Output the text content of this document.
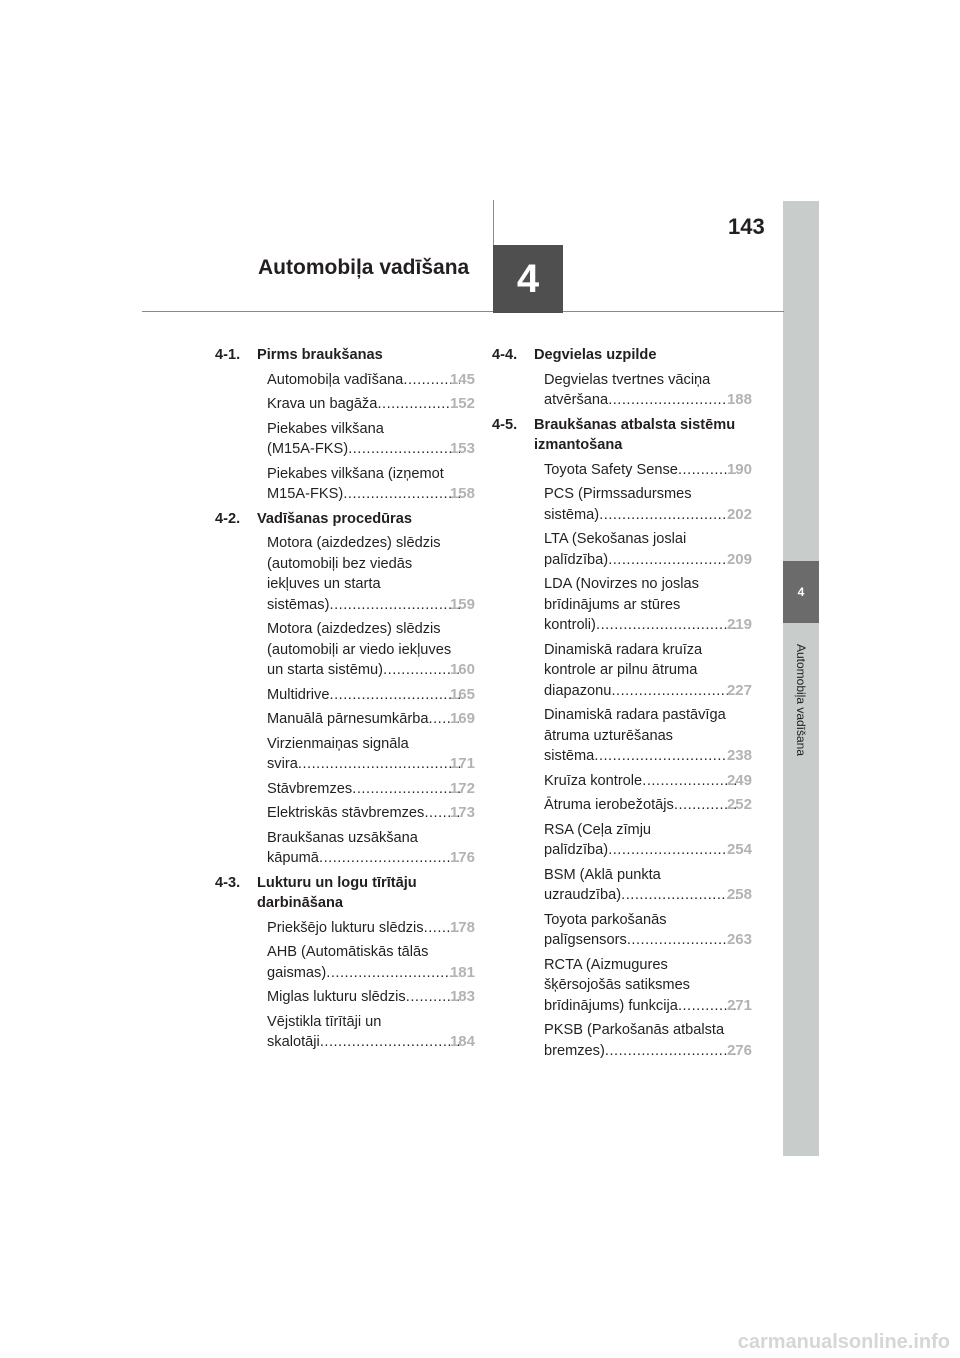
4
Automobiļa vadīšana
143
Automobiļa vadīšana	4
4-1. Pirms braukšanas
Automobiļa vadīšana .....	145
Krava un bagāža .....	152
Piekabes vilkšana
(M15A-FKS) .....	153
Piekabes vilkšana (izņemot
M15A-FKS) .....	158
4-2. Vadīšanas procedūras
Motora (aizdedzes) slēdzis
(automobiļi bez viedās
iekļuves un starta
sistēmas) .....	159
Motora (aizdedzes) slēdzis
(automobiļi ar viedo iekļuves
un starta sistēmu) .....	160
Multidrive .....	165
Manuālā pārnesumkārba ..... 169
Virzienmaiņas signāla
svira .....	171
Stāvbremzes .....	172
Elektriskās stāvbremzes ..... 173
Braukšanas uzsākšana
kāpumā .....	176
4-3. Lukturu un logu tīrītāju darbināšana
Priekšējo lukturu slēdzis ..... 178
AHB (Automātiskās tālās
gaismas) .....	181
Miglas lukturu slēdzis .....	183
Vējstikla tīrītāji un
skalotāji .....	184
4-4. Degvielas uzpilde
Degvielas tvertnes vāciņa
atvēršana .....	188
4-5. Braukšanas atbalsta sistēmu izmantošana
Toyota Safety Sense .....	190
PCS (Pirmssadursmes
sistēma) .....	202
LTA (Sekošanas joslai
palīdzība) .....	209
LDA (Novirzes no joslas
brīdinājums ar stūres
kontroli) .....	219
Dinamiskā radara kruīza
kontrole ar pilnu ātruma
diapazonu .....	227
Dinamiskā radara pastāvīga
ātruma uzturēšanas
sistēma .....	238
Kruīza kontrole .....	249
Ātruma ierobežotājs .....	252
RSA (Ceļa zīmju
palīdzība) .....	254
BSM (Aklā punkta
uzraudzība) .....	258
Toyota parkošanās
palīgsensors .....	263
RCTA (Aizmugures
šķērsojošās satiksmes
brīdinājums) funkcija .....	271
PKSB (Parkošanās atbalsta
bremzes) .....	276
carmanualsonline.info
